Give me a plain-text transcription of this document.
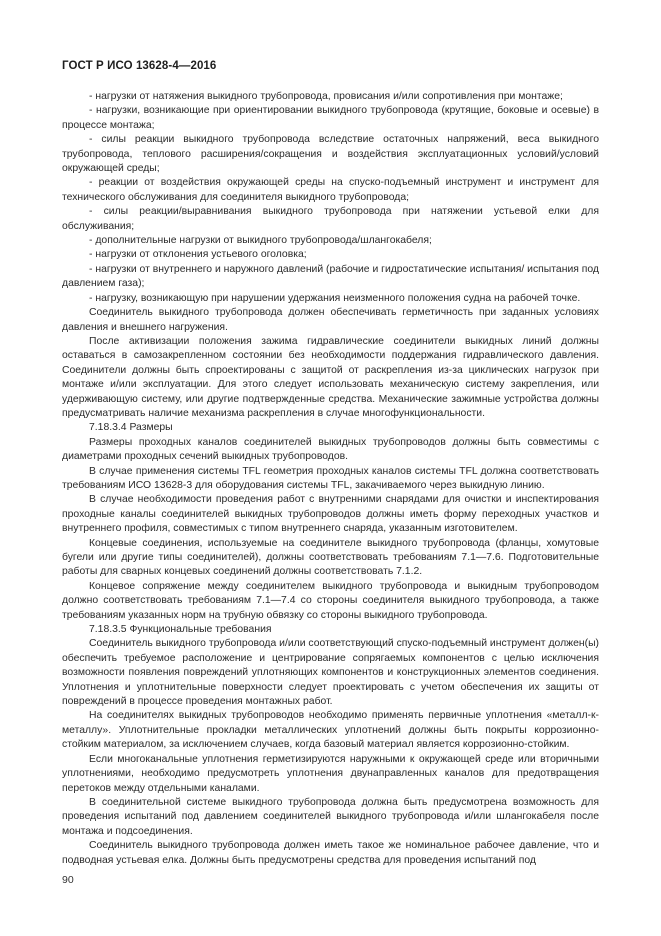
ГОСТ Р ИСО 13628-4—2016

- нагрузки от натяжения выкидного трубопровода, провисания и/или сопротивления при монтаже;

- нагрузки, возникающие при ориентировании выкидного трубопровода (крутящие, боковые и осевые) в процессе монтажа;

- силы реакции выкидного трубопровода вследствие остаточных напряжений, веса выкидного трубопровода, теплового расширения/сокращения и воздействия эксплуатационных условий/условий окружающей среды;

- реакции от воздействия окружающей среды на спуско-подъемный инструмент и инструмент для технического обслуживания для соединителя выкидного трубопровода;

- силы реакции/выравнивания выкидного трубопровода при натяжении устьевой елки для обслуживания;

- дополнительные нагрузки от выкидного трубопровода/шлангокабеля;

- нагрузки от отклонения устьевого оголовка;

- нагрузки от внутреннего и наружного давлений (рабочие и гидростатические испытания/ испытания под давлением газа);

- нагрузку, возникающую при нарушении удержания неизменного положения судна на рабочей точке.

Соединитель выкидного трубопровода должен обеспечивать герметичность при заданных условиях давления и внешнего нагружения.

После активизации положения зажима гидравлические соединители выкидных линий должны оставаться в самозакрепленном состоянии без необходимости поддержания гидравлического давления. Соединители должны быть спроектированы с защитой от раскрепления из-за циклических нагрузок при монтаже и/или эксплуатации. Для этого следует использовать механическую систему закрепления, или удерживающую систему, или другие подтвержденные средства. Механические зажимные устройства должны предусматривать наличие механизма раскрепления в случае многофункциональности.

7.18.3.4 Размеры

Размеры проходных каналов соединителей выкидных трубопроводов должны быть совместимы с диаметрами проходных сечений выкидных трубопроводов.

В случае применения системы TFL геометрия проходных каналов системы TFL должна соответствовать требованиям ИСО 13628-3 для оборудования системы TFL, закачиваемого через выкидную линию.

В случае необходимости проведения работ с внутренними снарядами для очистки и инспектирования проходные каналы соединителей выкидных трубопроводов должны иметь форму переходных участков и внутреннего профиля, совместимых с типом внутреннего снаряда, указанным изготовителем.

Концевые соединения, используемые на соединителе выкидного трубопровода (фланцы, хомутовые бугели или другие типы соединителей), должны соответствовать требованиям 7.1—7.6. Подготовительные работы для сварных концевых соединений должны соответствовать 7.1.2.

Концевое сопряжение между соединителем выкидного трубопровода и выкидным трубопроводом должно соответствовать требованиям 7.1—7.4 со стороны соединителя выкидного трубопровода, а также требованиям указанных норм на трубную обвязку со стороны выкидного трубопровода.

7.18.3.5 Функциональные требования

Соединитель выкидного трубопровода и/или соответствующий спуско-подъемный инструмент должен(ы) обеспечить требуемое расположение и центрирование сопрягаемых компонентов с целью исключения возможности появления повреждений уплотняющих компонентов и конструкционных элементов соединения. Уплотнения и уплотнительные поверхности следует проектировать с учетом обеспечения их защиты от повреждений в процессе проведения монтажных работ.

На соединителях выкидных трубопроводов необходимо применять первичные уплотнения «металл-к-металлу». Уплотнительные прокладки металлических уплотнений должны быть покрыты коррозионно-стойким материалом, за исключением случаев, когда базовый материал является коррозионно-стойким.

Если многоканальные уплотнения герметизируются наружными к окружающей среде или вторичными уплотнениями, необходимо предусмотреть уплотнения двунаправленных каналов для предотвращения перетоков между отдельными каналами.

В соединительной системе выкидного трубопровода должна быть предусмотрена возможность для проведения испытаний под давлением соединителей выкидного трубопровода и/или шлангокабеля после монтажа и подсоединения.

Соединитель выкидного трубопровода должен иметь такое же номинальное рабочее давление, что и подводная устьевая елка. Должны быть предусмотрены средства для проведения испытаний под

90
